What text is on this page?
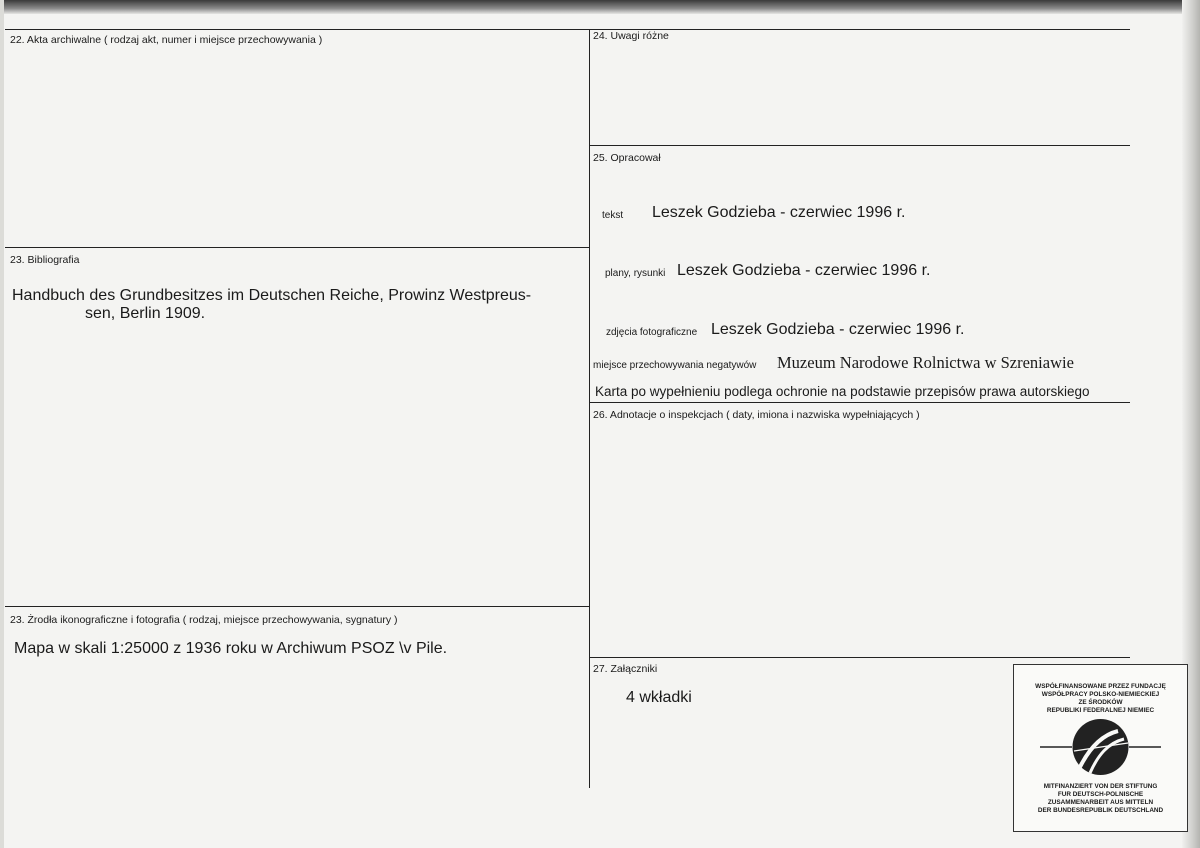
22. Akta archiwalne ( rodzaj akt, numer i miejsce przechowywania )
23. Bibliografia
Handbuch des Grundbesitzes im Deutschen Reiche, Prowinz Westpreus-
sen, Berlin 1909.
23. Żrodła ikonograficzne i fotografia ( rodzaj, miejsce przechowywania, sygnatury )
Mapa w skali 1:25000 z 1936 roku w Archiwum PSOZ \v Pile.
24. Uwagi różne
25. Opracował
tekst Leszek Godzieba - czerwiec 1996 r.
plany, rysunki Leszek Godzieba - czerwiec 1996 r.
zdjęcia fotograficzne Leszek Godzieba - czerwiec 1996 r.
miejsce przechowywania negatywów Muzeum Narodowe Rolnictwa w Szreniawie
Karta po wypełnieniu podlega ochronie na podstawie przepisów prawa autorskiego
26. Adnotacje o inspekcjach ( daty, imiona i nazwiska wypełniających )
27. Załączniki
4 wkładki
WSPÓŁFINANSOWANE PRZEZ FUNDACJĘ
WSPÓŁPRACY POLSKO-NIEMIECKIEJ
ZE ŚRODKÓW
REPUBLIKI FEDERALNEJ NIEMIEC
MITFINANZIERT VON DER STIFTUNG
FUR DEUTSCH-POLNISCHE
ZUSAMMENARBEIT AUS MITTELN
DER BUNDESREPUBLIK DEUTSCHLAND
